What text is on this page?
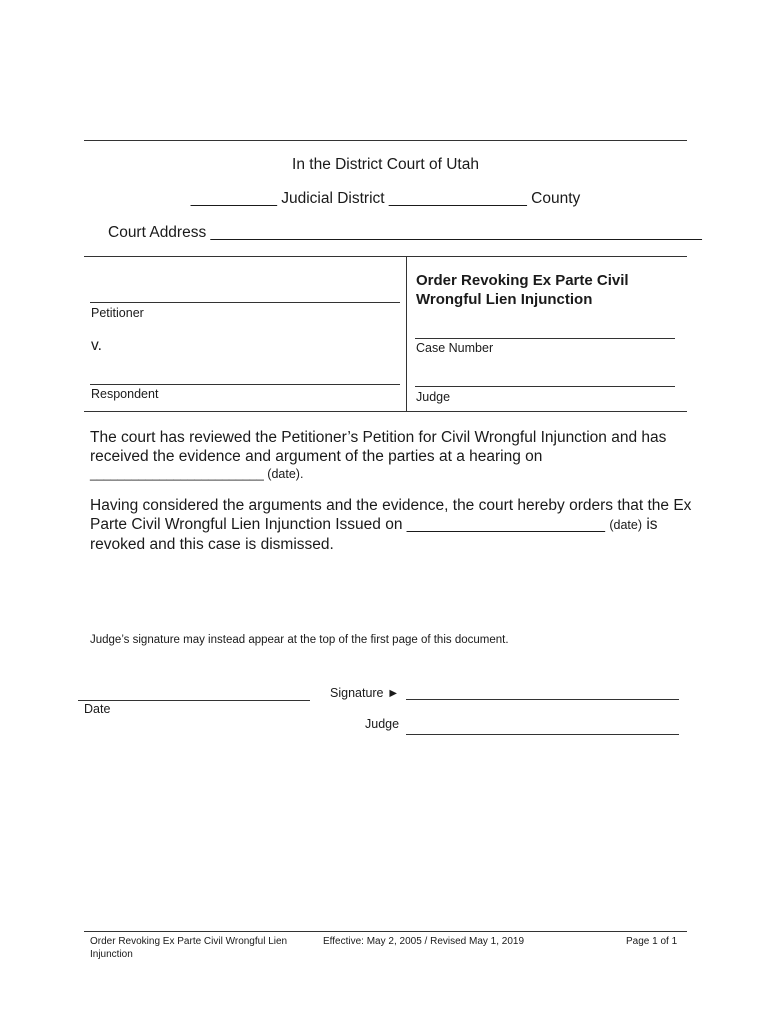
In the District Court of Utah
__________ Judicial District ________________ County
Court Address _________________________________________________________
Petitioner
v.
Respondent
Order Revoking Ex Parte Civil
Wrongful Lien Injunction
Case Number
Judge
The court has reviewed the Petitioner’s Petition for Civil Wrongful Injunction and has
received the evidence and argument of the parties at a hearing on
_________________________ (date).
Having considered the arguments and the evidence, the court hereby orders that the Ex
Parte Civil Wrongful Lien Injunction Issued on _______________________ (date) is
revoked and this case is dismissed.
Judge’s signature may instead appear at the top of the first page of this document.
Date
Signature ►
Judge
Order Revoking Ex Parte Civil Wrongful Lien Injunction
Effective: May 2, 2005 / Revised May 1, 2019	Page 1 of 1
